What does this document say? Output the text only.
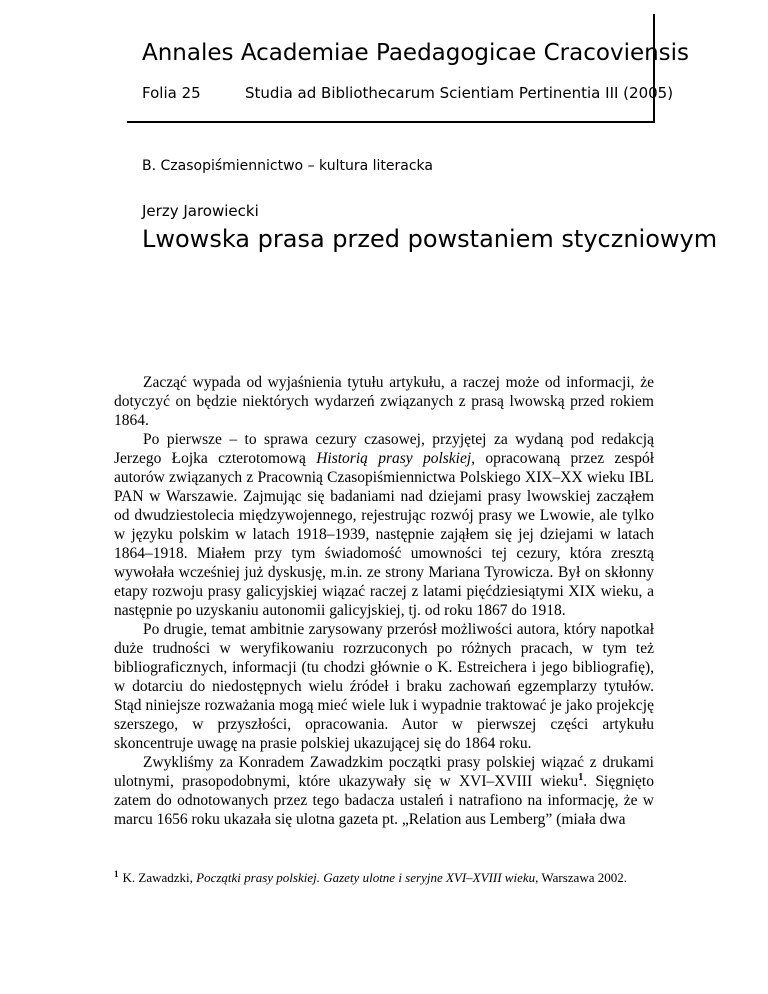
Annales Academiae Paedagogicae Cracoviensis
Folia 25	Studia ad Bibliothecarum Scientiam Pertinentia III (2005)
B. Czasopiśmiennictwo – kultura literacka
Jerzy Jarowiecki
Lwowska prasa przed powstaniem styczniowym

Zacząć wypada od wyjaśnienia tytułu artykułu, a raczej może od informacji, że dotyczyć on będzie niektórych wydarzeń związanych z prasą lwowską przed rokiem 1864.

Po pierwsze – to sprawa cezury czasowej, przyjętej za wydaną pod redakcją Jerzego Łojka czterotomową Historią prasy polskiej, opracowaną przez zespół autorów związanych z Pracownią Czasopiśmiennictwa Polskiego XIX–XX wieku IBL PAN w Warszawie. Zajmując się badaniami nad dziejami prasy lwowskiej zacząłem od dwudziestolecia międzywojennego, rejestrując rozwój prasy we Lwowie, ale tylko w języku polskim w latach 1918–1939, następnie zająłem się jej dziejami w latach 1864–1918. Miałem przy tym świadomość umowności tej cezury, która zresztą wywołała wcześniej już dyskusję, m.in. ze strony Mariana Tyrowicza. Był on skłonny etapy rozwoju prasy galicyjskiej wiązać raczej z latami pięćdziesiątymi XIX wieku, a następnie po uzyskaniu autonomii galicyjskiej, tj. od roku 1867 do 1918.

Po drugie, temat ambitnie zarysowany przerósł możliwości autora, który napotkał duże trudności w weryfikowaniu rozrzuconych po różnych pracach, w tym też bibliograficznych, informacji (tu chodzi głównie o K. Estreichera i jego bibliografię), w dotarciu do niedostępnych wielu źródeł i braku zachowań egzemplarzy tytułów. Stąd niniejsze rozważania mogą mieć wiele luk i wypadnie traktować je jako projekcję szerszego, w przyszłości, opracowania. Autor w pierwszej części artykułu skoncentruje uwagę na prasie polskiej ukazującej się do 1864 roku.

Zwykliśmy za Konradem Zawadzkim początki prasy polskiej wiązać z drukami ulotnymi, prasopodobnymi, które ukazywały się w XVI–XVIII wieku$^1$. Sięgnięto zatem do odnotowanych przez tego badacza ustaleń i natrafiono na informację, że w marcu 1656 roku ukazała się ulotna gazeta pt. „Relation aus Lemberg” (miała dwa

$^1$ K. Zawadzki, Początki prasy polskiej. Gazety ulotne i seryjne XVI–XVIII wieku, Warszawa 2002.
